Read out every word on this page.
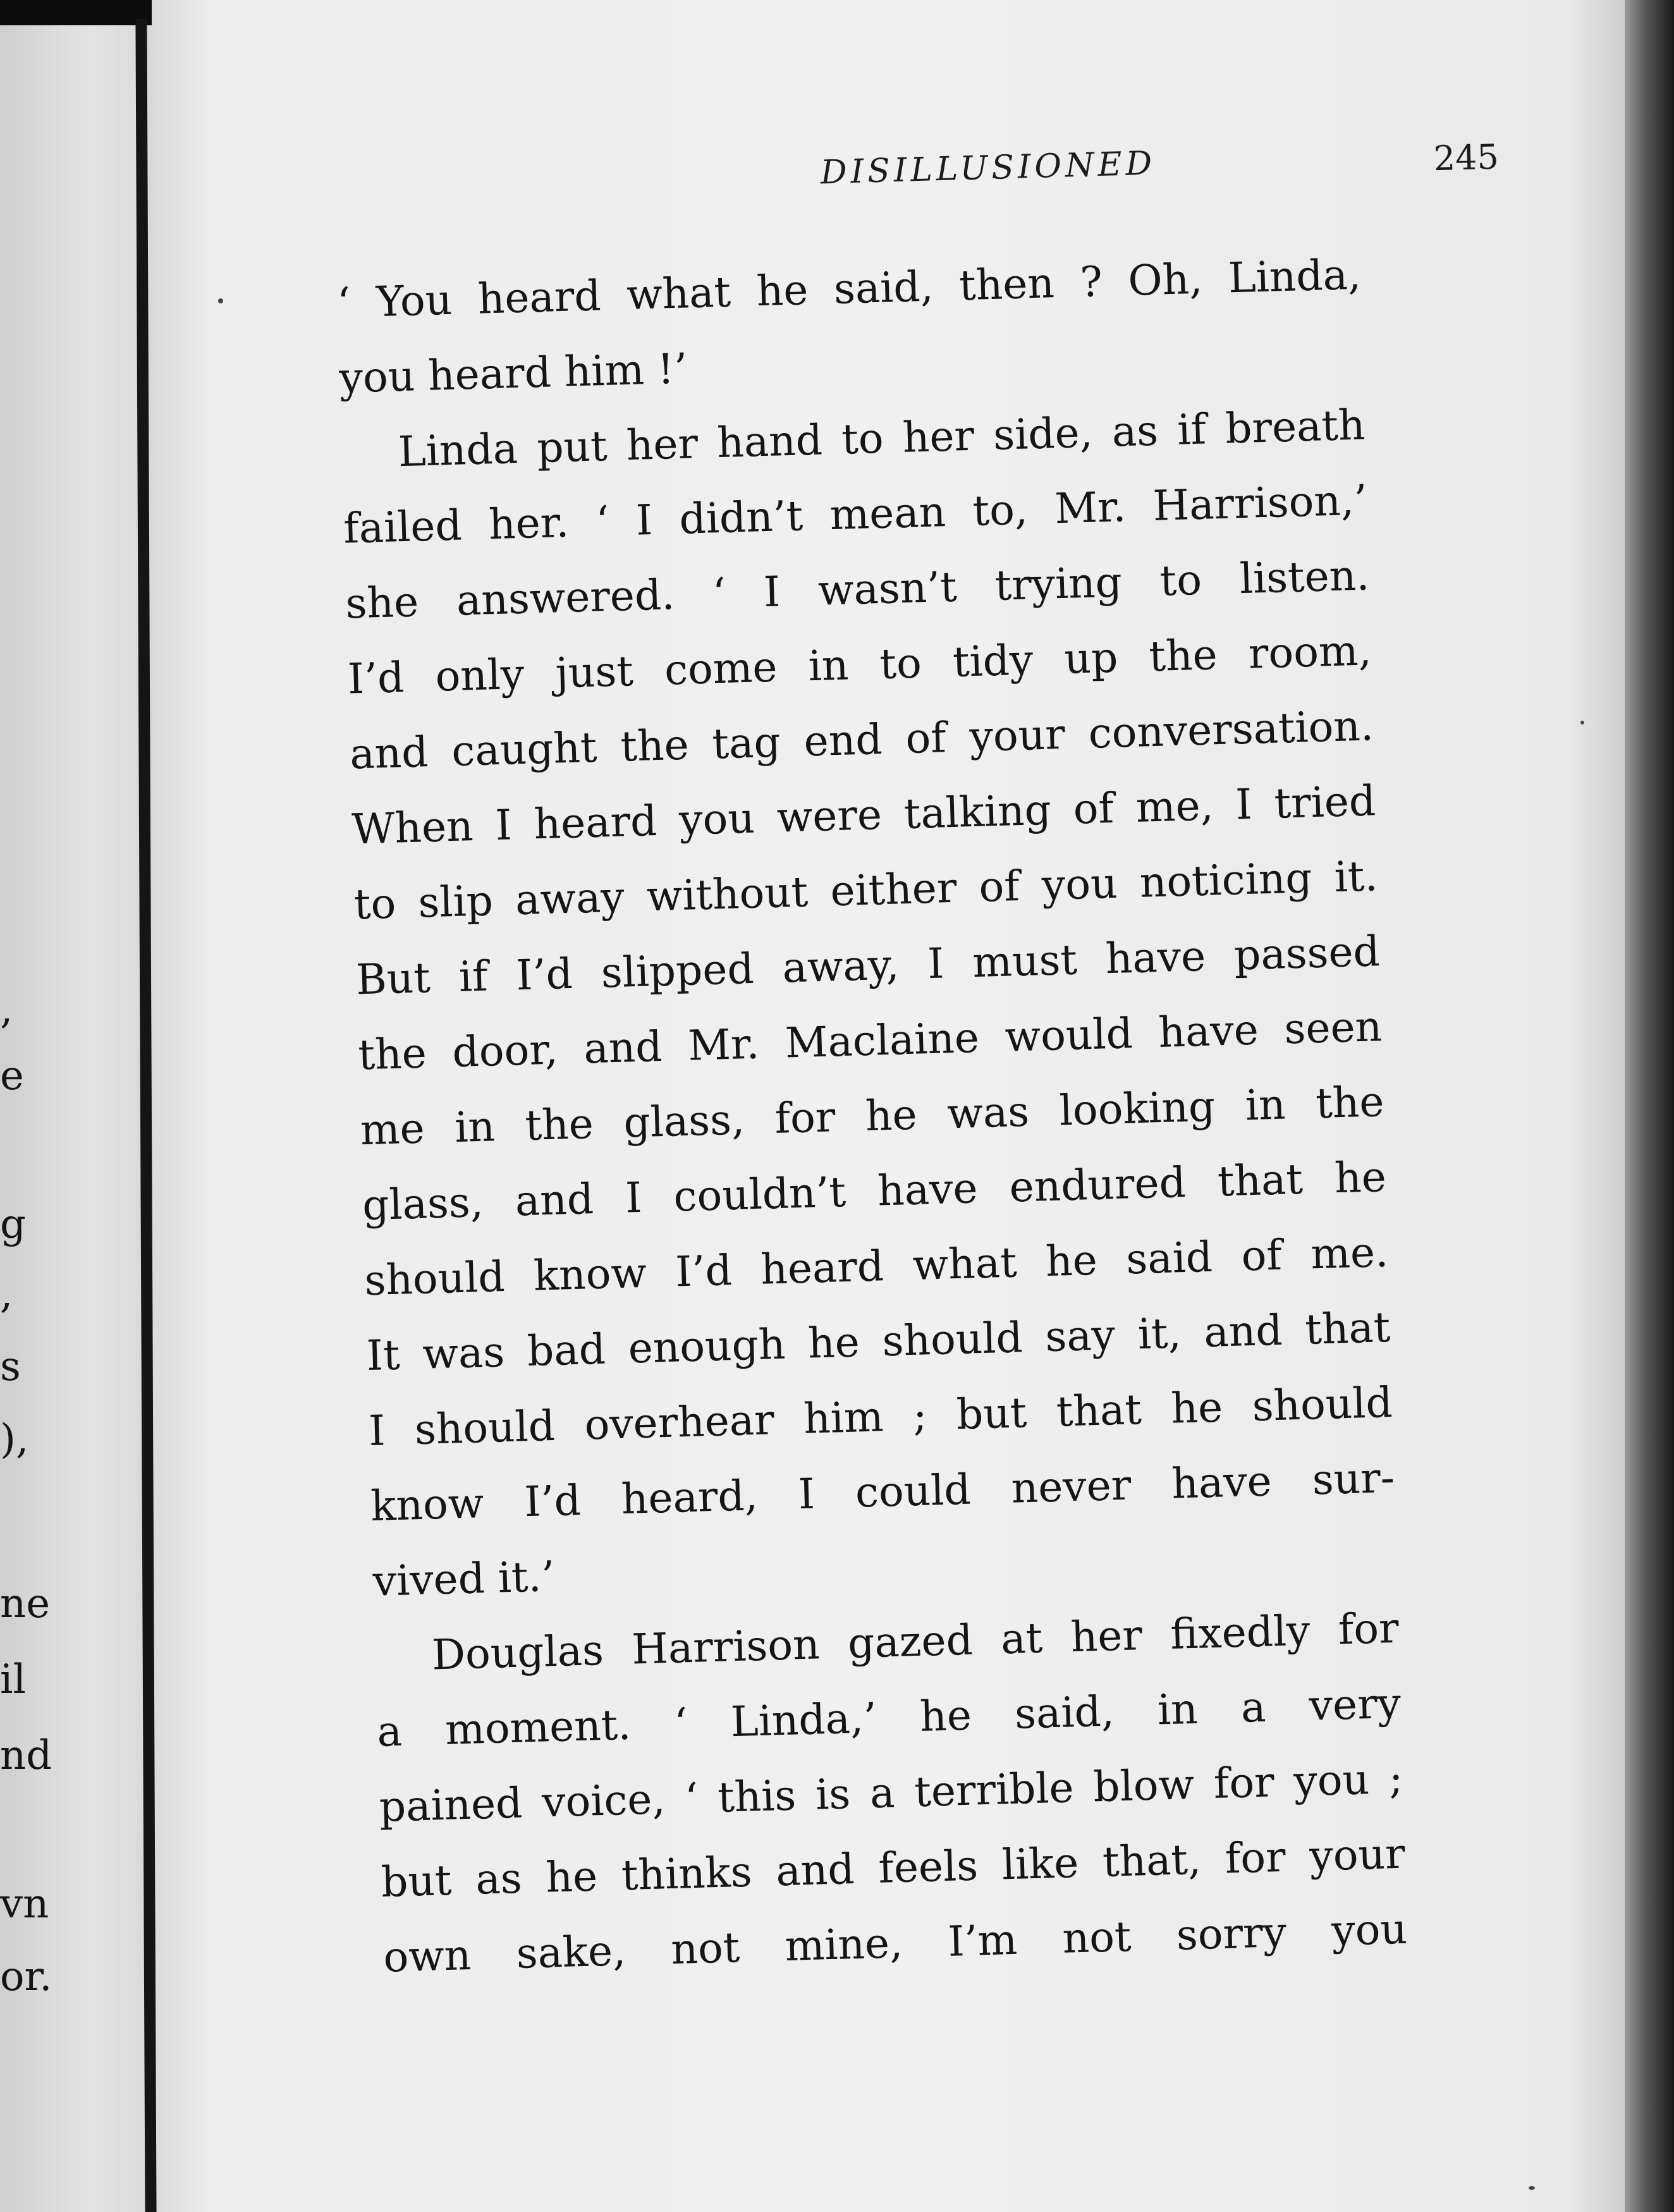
,
e
g
,
s
),
ne
il
nd
vn
or.
DISILLUSIONED	245
‘ You heard what he said, then ? Oh, Linda,
you heard him !’
Linda put her hand to her side, as if breath
failed her. ‘ I didn’t mean to, Mr. Harrison,’
she answered. ‘ I wasn’t trying to listen.
I’d only just come in to tidy up the room,
and caught the tag end of your conversation.
When I heard you were talking of me, I tried
to slip away without either of you noticing it.
But if I’d slipped away, I must have passed
the door, and Mr. Maclaine would have seen
me in the glass, for he was looking in the
glass, and I couldn’t have endured that he
should know I’d heard what he said of me.
It was bad enough he should say it, and that
I should overhear him ; but that he should
know I’d heard, I could never have sur-
vived it.’
Douglas Harrison gazed at her fixedly for
a moment. ‘ Linda,’ he said, in a very
pained voice, ‘ this is a terrible blow for you ;
but as he thinks and feels like that, for your
own sake, not mine, I’m not sorry you
